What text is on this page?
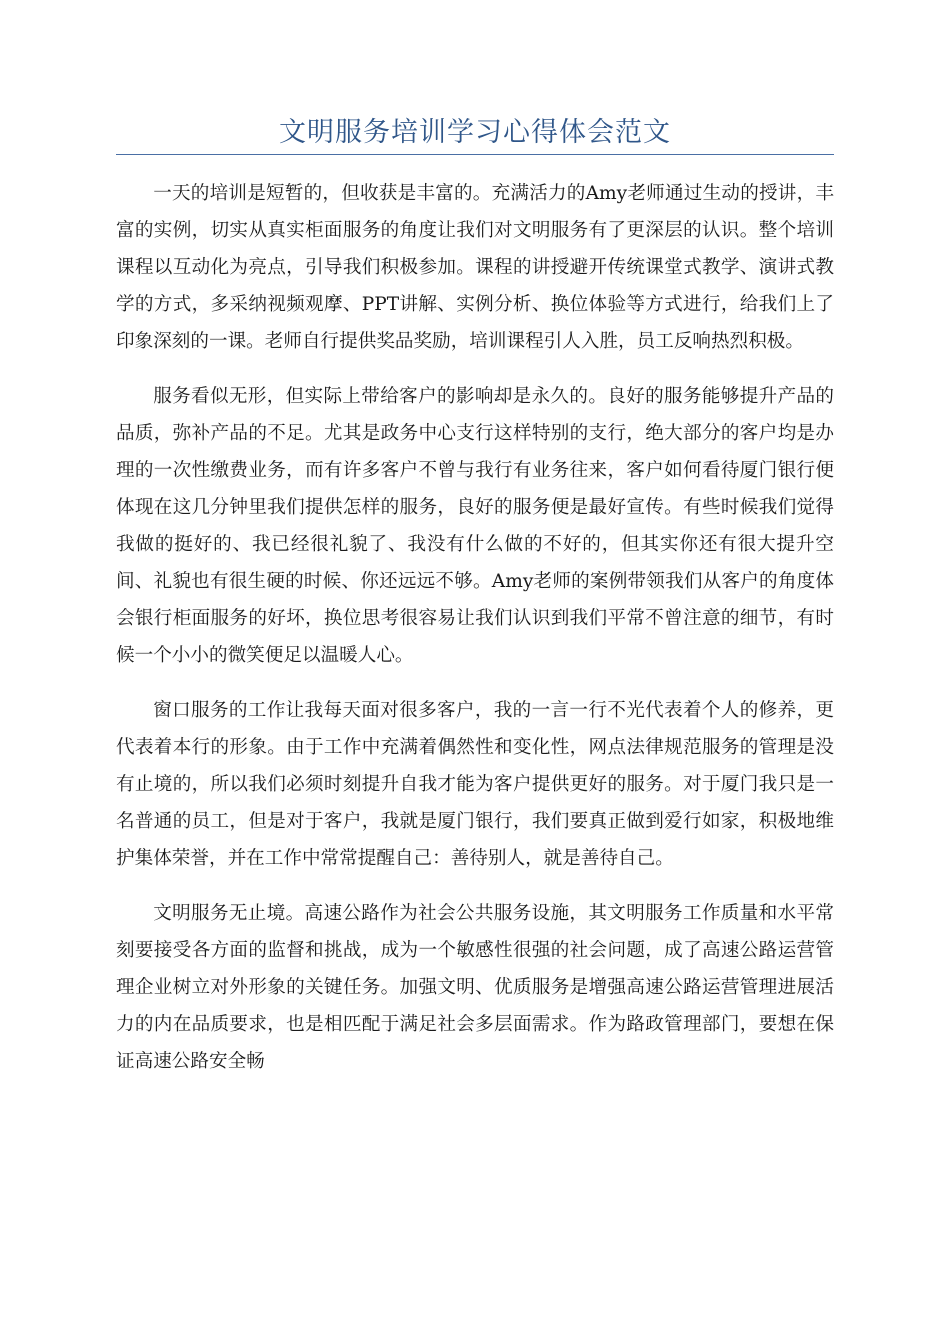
文明服务培训学习心得体会范文

一天的培训是短暂的，但收获是丰富的。充满活力的Amy老师通过生动的授讲，丰富的实例，切实从真实柜面服务的角度让我们对文明服务有了更深层的认识。整个培训课程以互动化为亮点，引导我们积极参加。课程的讲授避开传统课堂式教学、演讲式教学的方式，多采纳视频观摩、PPT讲解、实例分析、换位体验等方式进行，给我们上了印象深刻的一课。老师自行提供奖品奖励，培训课程引人入胜，员工反响热烈积极。

服务看似无形，但实际上带给客户的影响却是永久的。良好的服务能够提升产品的品质，弥补产品的不足。尤其是政务中心支行这样特别的支行，绝大部分的客户均是办理的一次性缴费业务，而有许多客户不曾与我行有业务往来，客户如何看待厦门银行便体现在这几分钟里我们提供怎样的服务，良好的服务便是最好宣传。有些时候我们觉得我做的挺好的、我已经很礼貌了、我没有什么做的不好的，但其实你还有很大提升空间、礼貌也有很生硬的时候、你还远远不够。Amy老师的案例带领我们从客户的角度体会银行柜面服务的好坏，换位思考很容易让我们认识到我们平常不曾注意的细节，有时候一个小小的微笑便足以温暖人心。

窗口服务的工作让我每天面对很多客户，我的一言一行不光代表着个人的修养，更代表着本行的形象。由于工作中充满着偶然性和变化性，网点法律规范服务的管理是没有止境的，所以我们必须时刻提升自我才能为客户提供更好的服务。对于厦门我只是一名普通的员工，但是对于客户，我就是厦门银行，我们要真正做到爱行如家，积极地维护集体荣誉，并在工作中常常提醒自己：善待别人，就是善待自己。

文明服务无止境。高速公路作为社会公共服务设施，其文明服务工作质量和水平常刻要接受各方面的监督和挑战，成为一个敏感性很强的社会问题，成了高速公路运营管理企业树立对外形象的关键任务。加强文明、优质服务是增强高速公路运营管理进展活力的内在品质要求，也是相匹配于满足社会多层面需求。作为路政管理部门，要想在保证高速公路安全畅
